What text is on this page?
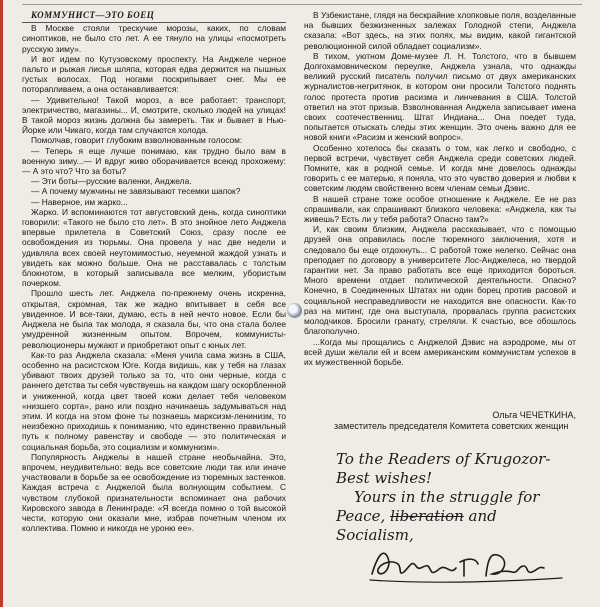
КОММУНИСТ—ЭТО БОЕЦ

В Москве стояли трескучие морозы, каких, по словам синоптиков, не было сто лет. А ее тянуло на улицы «посмотреть русскую зиму».

И вот идем по Кутузовскому проспекту. На Анджеле черное пальто и рыжая лисья шляпа, которая едва держится на пышных густых волосах. Под ногами поскрипывает снег. Мы ее поторапливаем, а она останавливается:

— Удивительно! Такой мороз, а все работает: транспорт, электричество, магазины... И, смотрите, сколько людей на улицах! В такой мороз жизнь должна бы замереть. Так и бывает в Нью-Йорке или Чикаго, когда там случаются холода.

Помолчав, говорит глубоким взволнованным голосом:

— Теперь я еще лучше понимаю, как трудно было вам в военную зиму...— И вдруг живо оборачивается всеюд прохожему:— А это что? Что за боты?

— Эти боты—русские валенки, Анджела.

— А почему мужчины не завязывают тесемки шапок?

— Наверное, им жарко...

Жарко. И вспоминаются тот августовский день, когда синоптики говорили: «Такого не было сто лет». В это знойное лето Анджела впервые прилетела в Советский Союз, сразу после ее освобождения из тюрьмы. Она провела у нас две недели и удивляла всех своей неутомимостью, неуемной жаждой узнать и увидеть как можно больше. Она не расставалась с толстым блокнотом, в который записывала все мелким, убористым почерком.

Прошло шесть лет. Анджела по-прежнему очень искренна, открытая, скромная, так же жадно впитывает в себя все увиденное. И все-таки, думаю, есть в ней нечто новое. Если бы Анджела не была так молода, я сказала бы, что она стала более умудренной жизненным опытом. Впрочем, коммунисты-революционеры мужают и приобретают опыт с юных лет.

Как-то раз Анджела сказала: «Меня учила сама жизнь в США, особенно на расистском Юге. Когда видишь, как у тебя на глазах убивают твоих друзей только за то, что они черные, когда с раннего детства ты себя чувствуешь на каждом шагу оскорбленной и униженной, когда цвет твоей кожи делает тебя человеком «низшего сорта», рано или поздно начинаешь задумываться над этим. И когда на этом фоне ты познаешь марксизм-ленинизм, то неизбежно приходишь к пониманию, что единственно правильный путь к полному равенству и свободе — это политическая и социальная борьба, это социализм и коммунизм».

Популярность Анджелы в нашей стране необычайна. Это, впрочем, неудивительно: ведь все советские люди так или иначе участвовали в борьбе за ее освобождение из тюремных застенков. Каждая встреча с Анджелой была волнующим событием. С чувством глубокой признательности вспоминает она рабочих Кировского завода в Ленинграде: «Я всегда помню о той высокой чести, которую они оказали мне, избрав почетным членом их коллектива. Помню и никогда не уроню ее».

В Узбекистане, глядя на бескрайние хлопковые поля, возделанные на бывших безжизненных залежах Голодной степи, Анджела сказала: «Вот здесь, на этих полях, мы видим, какой гигантской революционной силой обладает социализм».

В тихом, уютном Доме-музее Л. Н. Толстого, что в бывшем Долгохамовническом переулке, Анджела узнала, что однажды великий русский писатель получил письмо от двух американских журналистов-негритянок, в котором они просили Толстого поднять голос протеста против расизма и линчевания в США. Толстой ответил на этот призыв. Взволнованная Анджела записывает имена своих соотечественниц. Штат Индиана... Она поедет туда, попытается отыскать следы этих женщин. Это очень важно для ее новой книги «Расизм и женский вопрос».

Особенно хотелось бы сказать о том, как легко и свободно, с первой встречи, чувствует себя Анджела среди советских людей. Помните, как в родной семье. И когда мне довелось однажды говорить с ее матерью, я поняла, что это чувство доверия и любви к советским людям свойственно всем членам семьи Дэвис.

В нашей стране тоже особое отношение к Анджеле. Ее не раз спрашивали, как спрашивают близкого человека: «Анджела, как ты живешь? Есть ли у тебя работа? Опасно там?»

И, как своим близким, Анджела рассказывает, что с помощью друзей она оправилась после тюремного заключения, хотя и следовало бы еще отдохнуть... С работой тоже нелегко. Сейчас она преподает по договору в университете Лос-Анджелеса, но твердой гарантии нет. За право работать все еще приходится бороться. Много времени отдает политической деятельности. Опасно? Конечно, в Соединенных Штатах ни один борец против расовой и социальной несправедливости не находится вне опасности. Как-то раз на митинг, где она выступала, прорвалась группа расистских молодчиков. Бросили гранату, стреляли. К счастью, все обошлось благополучно.

...Когда мы прощались с Анджелой Дэвис на аэродроме, мы от всей души желали ей и всем американским коммунистам успехов в их мужественной борьбе.

Ольга ЧЕЧЕТКИНА,
заместитель председателя Комитета советских женщин
To the Readers of Krugozor-
Best wishes!
Yours in the struggle for
Peace, liberation and Socialism,
